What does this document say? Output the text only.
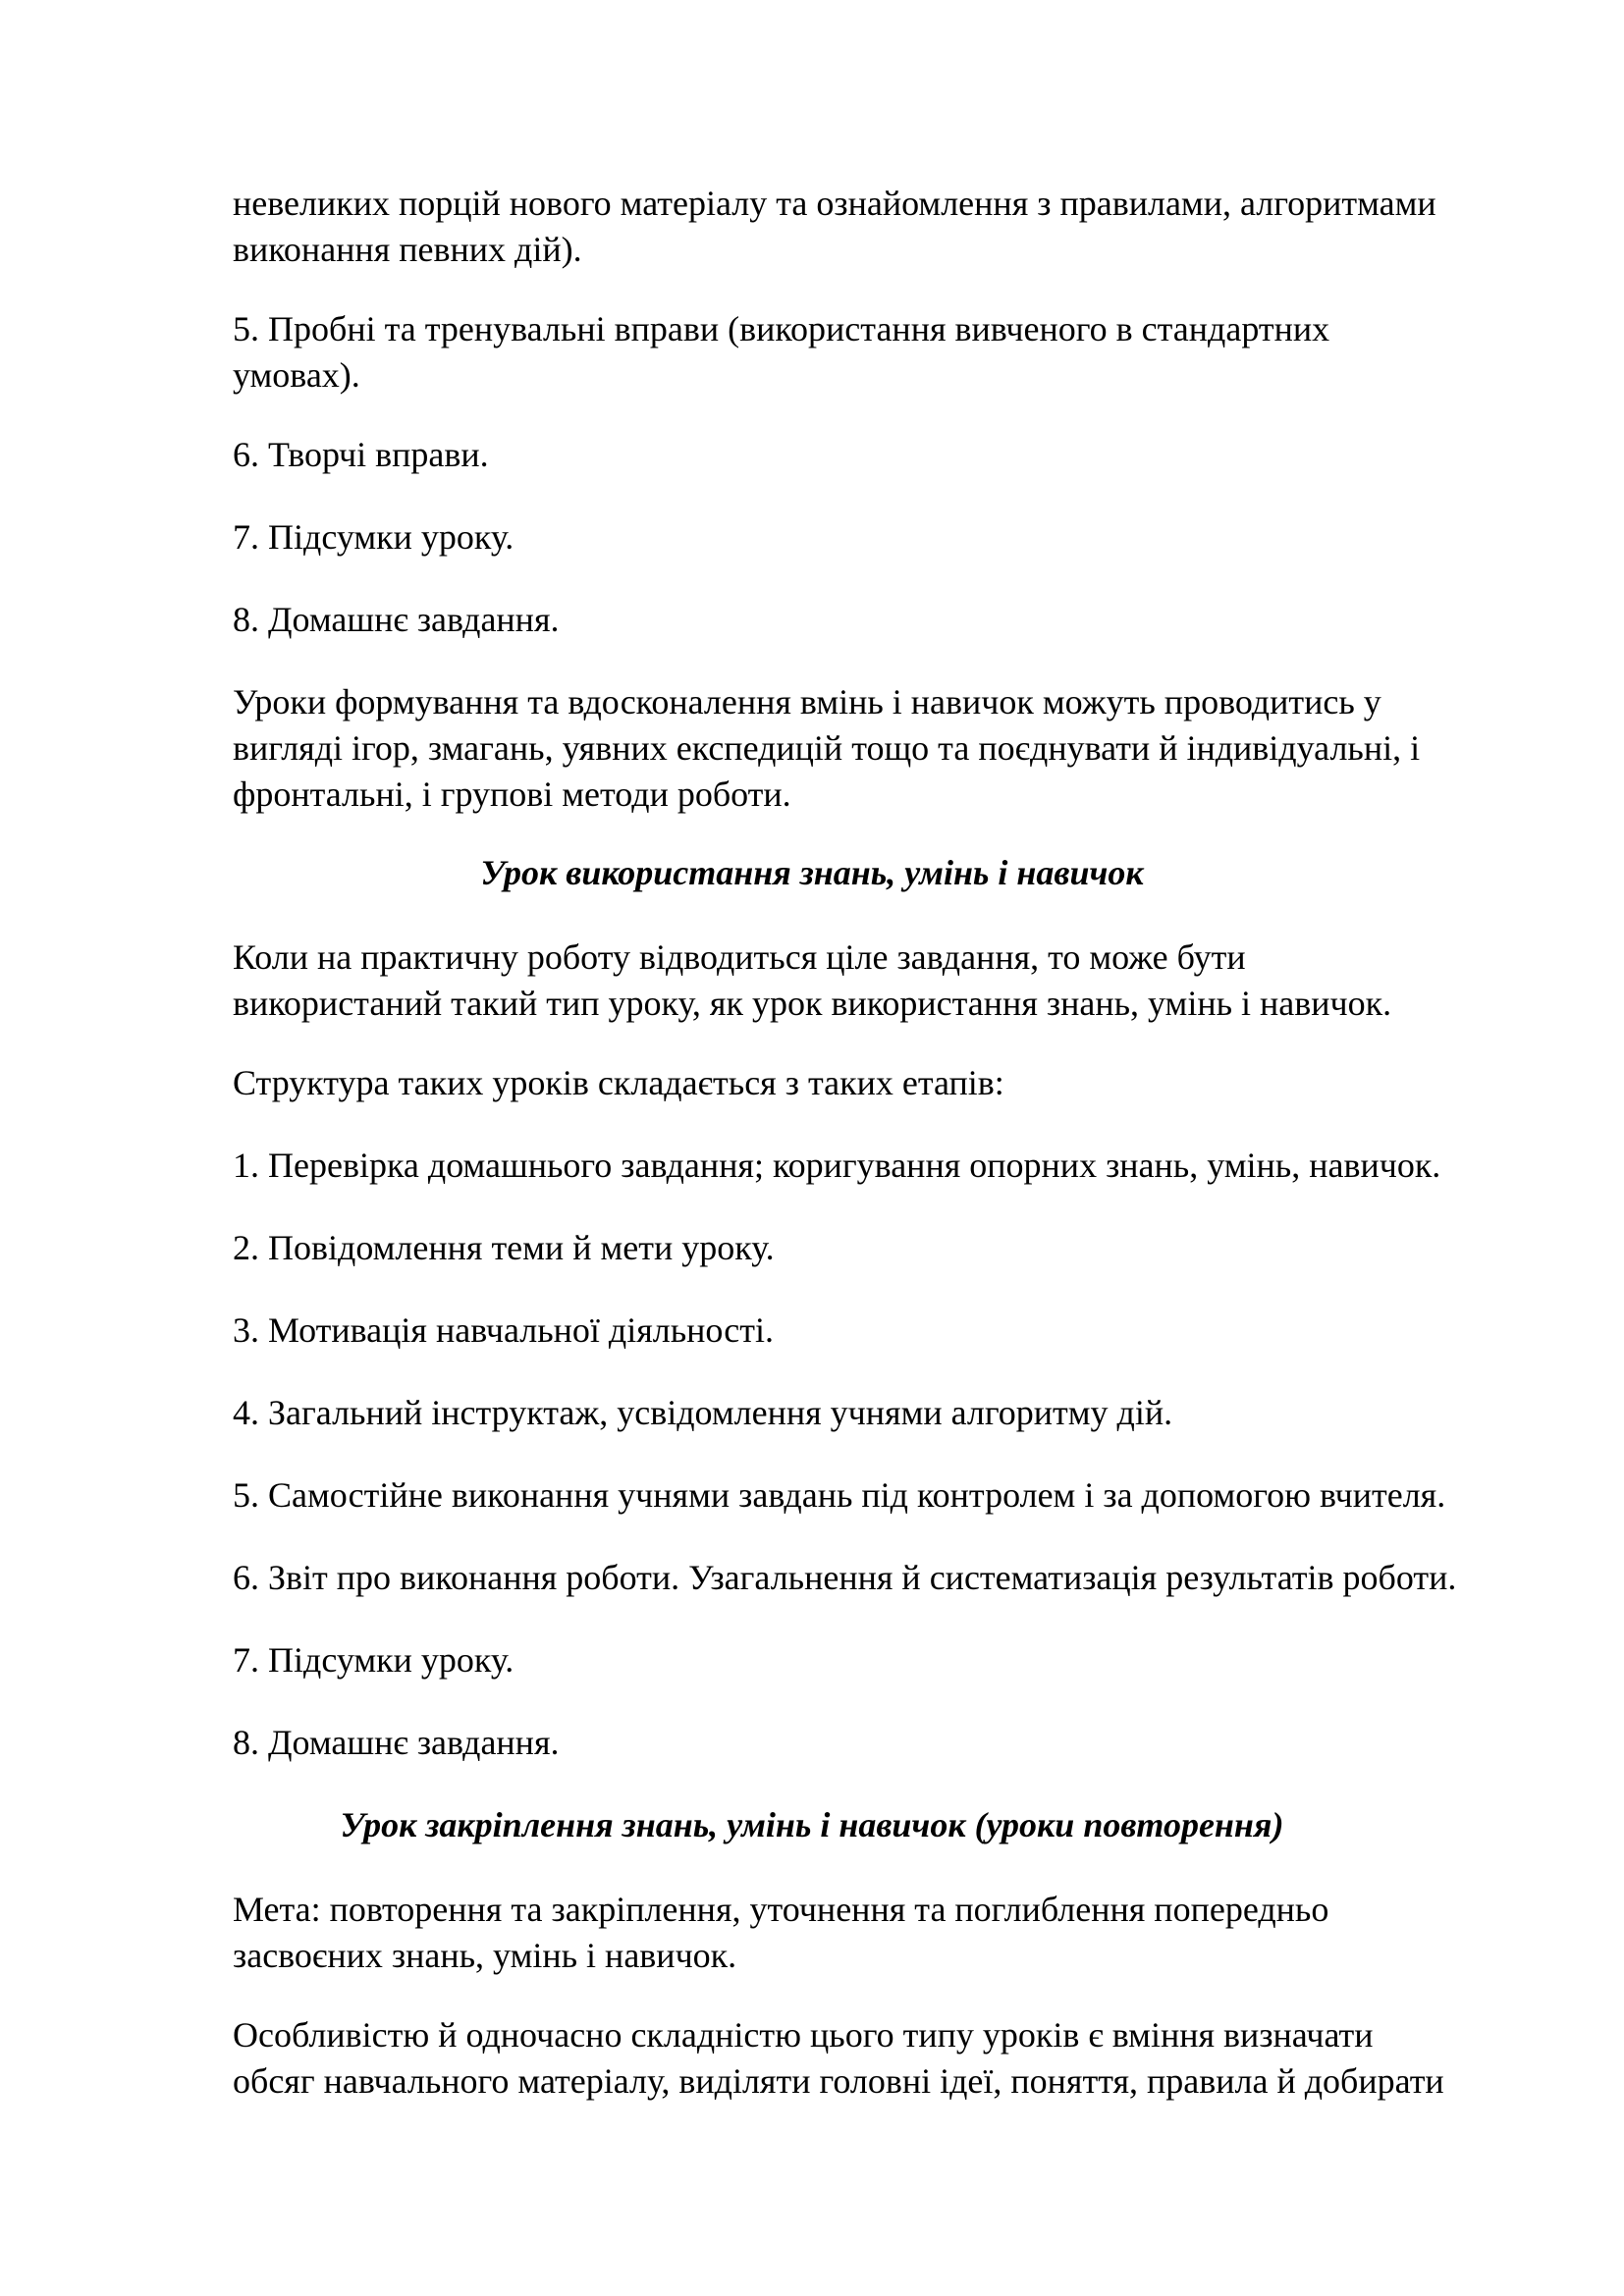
невеликих порцій нового матеріалу та ознайомлення з правилами, алгоритмами
виконання певних дій).

5. Пробні та тренувальні вправи (використання вивченого в стандартних
умовах).

6. Творчі вправи.

7. Підсумки уроку.

8. Домашнє завдання.

Уроки формування та вдосконалення вмінь і навичок можуть проводитись у
вигляді ігор, змагань, уявних експедицій тощо та поєднувати й індивідуальні, і
фронтальні, і групові методи роботи.

Урок використання знань, умінь і навичок

Коли на практичну роботу відводиться ціле завдання, то може бути
використаний такий тип уроку, як урок використання знань, умінь і навичок.

Структура таких уроків складається з таких етапів:

1. Перевірка домашнього завдання; коригування опорних знань, умінь, навичок.

2. Повідомлення теми й мети уроку.

3. Мотивація навчальної діяльності.

4. Загальний інструктаж, усвідомлення учнями алгоритму дій.

5. Самостійне виконання учнями завдань під контролем і за допомогою вчителя.

6. Звіт про виконання роботи. Узагальнення й систематизація результатів роботи.

7. Підсумки уроку.

8. Домашнє завдання.

Урок закріплення знань, умінь і навичок (уроки повторення)

Мета: повторення та закріплення, уточнення та поглиблення попередньо
засвоєних знань, умінь і навичок.

Особливістю й одночасно складністю цього типу уроків є вміння визначати
обсяг навчального матеріалу, виділяти головні ідеї, поняття, правила й добирати
